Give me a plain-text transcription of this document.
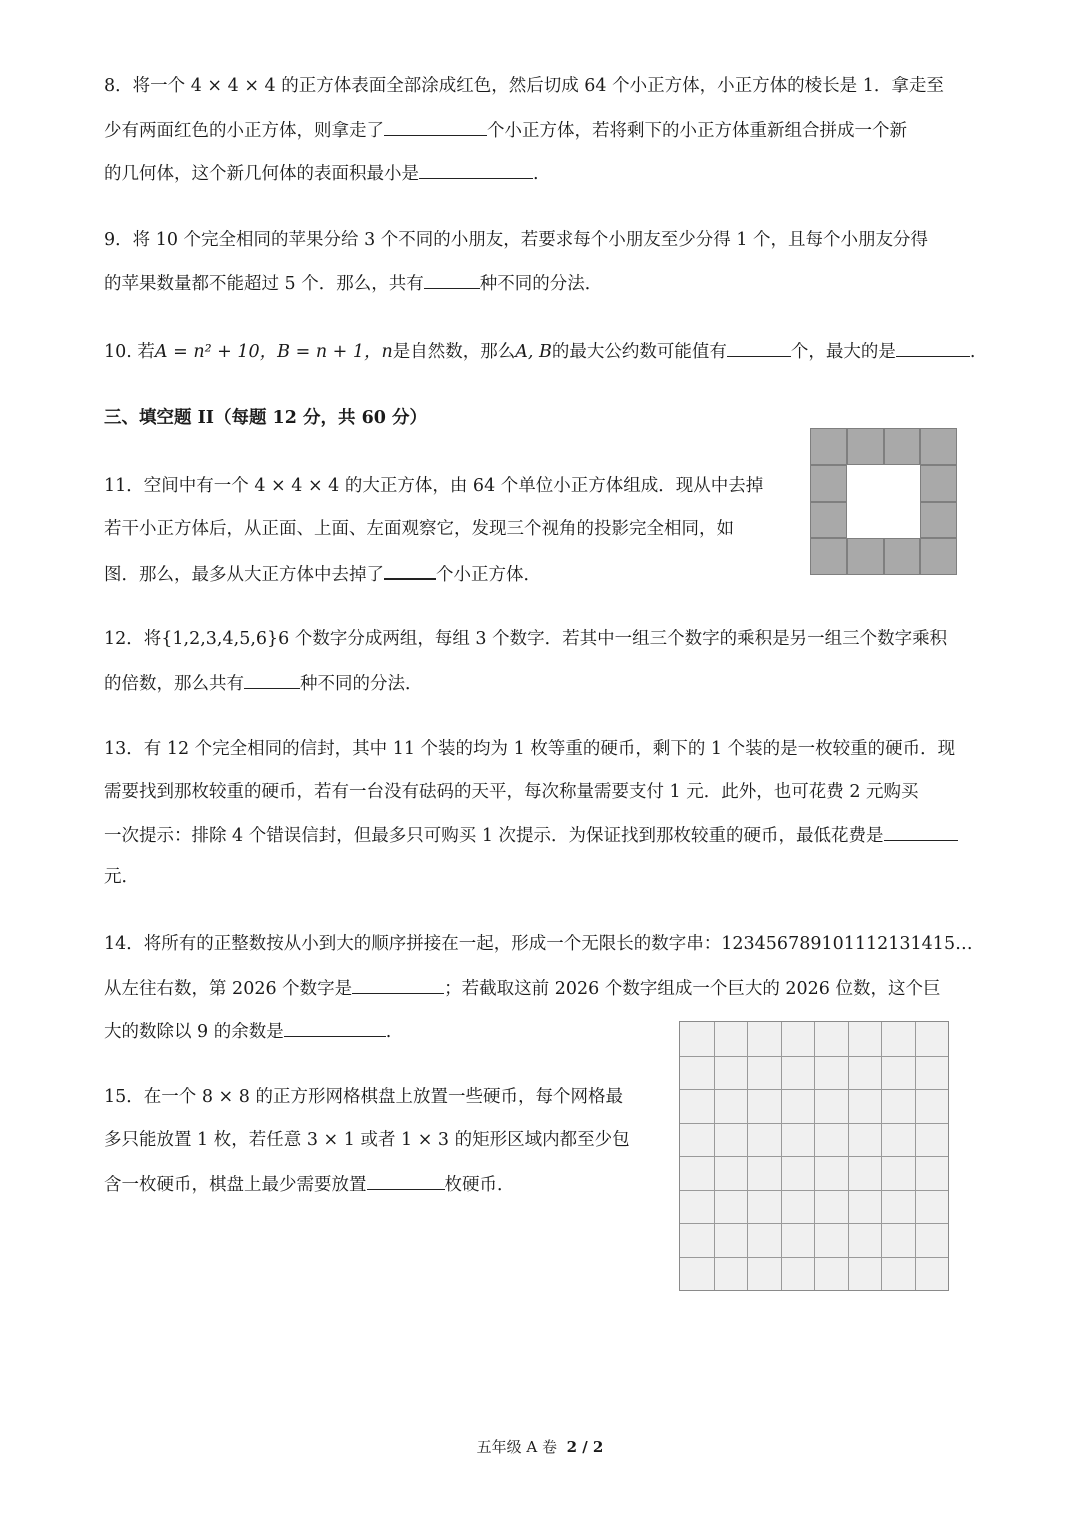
8．将一个 4 × 4 × 4 的正方体表面全部涂成红色，然后切成 64 个小正方体，小正方体的棱长是 1．拿走至
少有两面红色的小正方体，则拿走了	个小正方体，若将剩下的小正方体重新组合拼成一个新
的几何体，这个新几何体的表面积最小是	.
9．将 10 个完全相同的苹果分给 3 个不同的小朋友，若要求每个小朋友至少分得 1 个，且每个小朋友分得
的苹果数量都不能超过 5 个．那么，共有	种不同的分法．
10. 若A = n² + 10，B = n + 1，n是自然数，那么A, B的最大公约数可能值有	个，最大的是	.
三、填空题 II（每题 12 分，共 60 分）
11．空间中有一个 4 × 4 × 4 的大正方体，由 64 个单位小正方体组成．现从中去掉
若干小正方体后，从正面、上面、左面观察它，发现三个视角的投影完全相同，如
图．那么，最多从大正方体中去掉了	个小正方体．
12．将{1,2,3,4,5,6}6 个数字分成两组，每组 3 个数字．若其中一组三个数字的乘积是另一组三个数字乘积
的倍数，那么共有	种不同的分法．
13．有 12 个完全相同的信封，其中 11 个装的均为 1 枚等重的硬币，剩下的 1 个装的是一枚较重的硬币．现
需要找到那枚较重的硬币，若有一台没有砝码的天平，每次称量需要支付 1 元．此外，也可花费 2 元购买
一次提示：排除 4 个错误信封，但最多只可购买 1 次提示．为保证找到那枚较重的硬币，最低花费是
元．
14．将所有的正整数按从小到大的顺序拼接在一起，形成一个无限长的数字串：123456789101112131415…
从左往右数，第 2026 个数字是	；若截取这前 2026 个数字组成一个巨大的 2026 位数，这个巨
大的数除以 9 的余数是	.
15．在一个 8 × 8 的正方形网格棋盘上放置一些硬币，每个网格最
多只能放置 1 枚，若任意 3 × 1 或者 1 × 3 的矩形区域内都至少包
含一枚硬币，棋盘上最少需要放置	枚硬币．
五年级 A 卷 2 / 2
